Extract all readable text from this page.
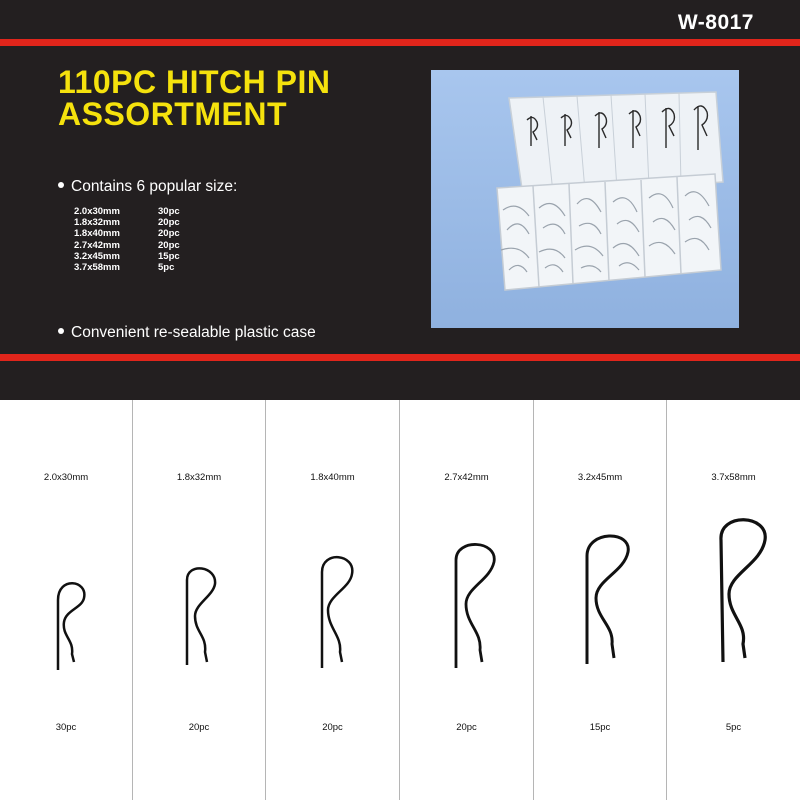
W-8017
110PC HITCH PIN
ASSORTMENT
Contains 6 popular size:
2.0x30mm	30pc
1.8x32mm	20pc
1.8x40mm	20pc
2.7x42mm	20pc
3.2x45mm	15pc
3.7x58mm	5pc
Convenient re-sealable plastic case
2.0x30mm
30pc
1.8x32mm
20pc
1.8x40mm
20pc
2.7x42mm
20pc
3.2x45mm
15pc
3.7x58mm
5pc
